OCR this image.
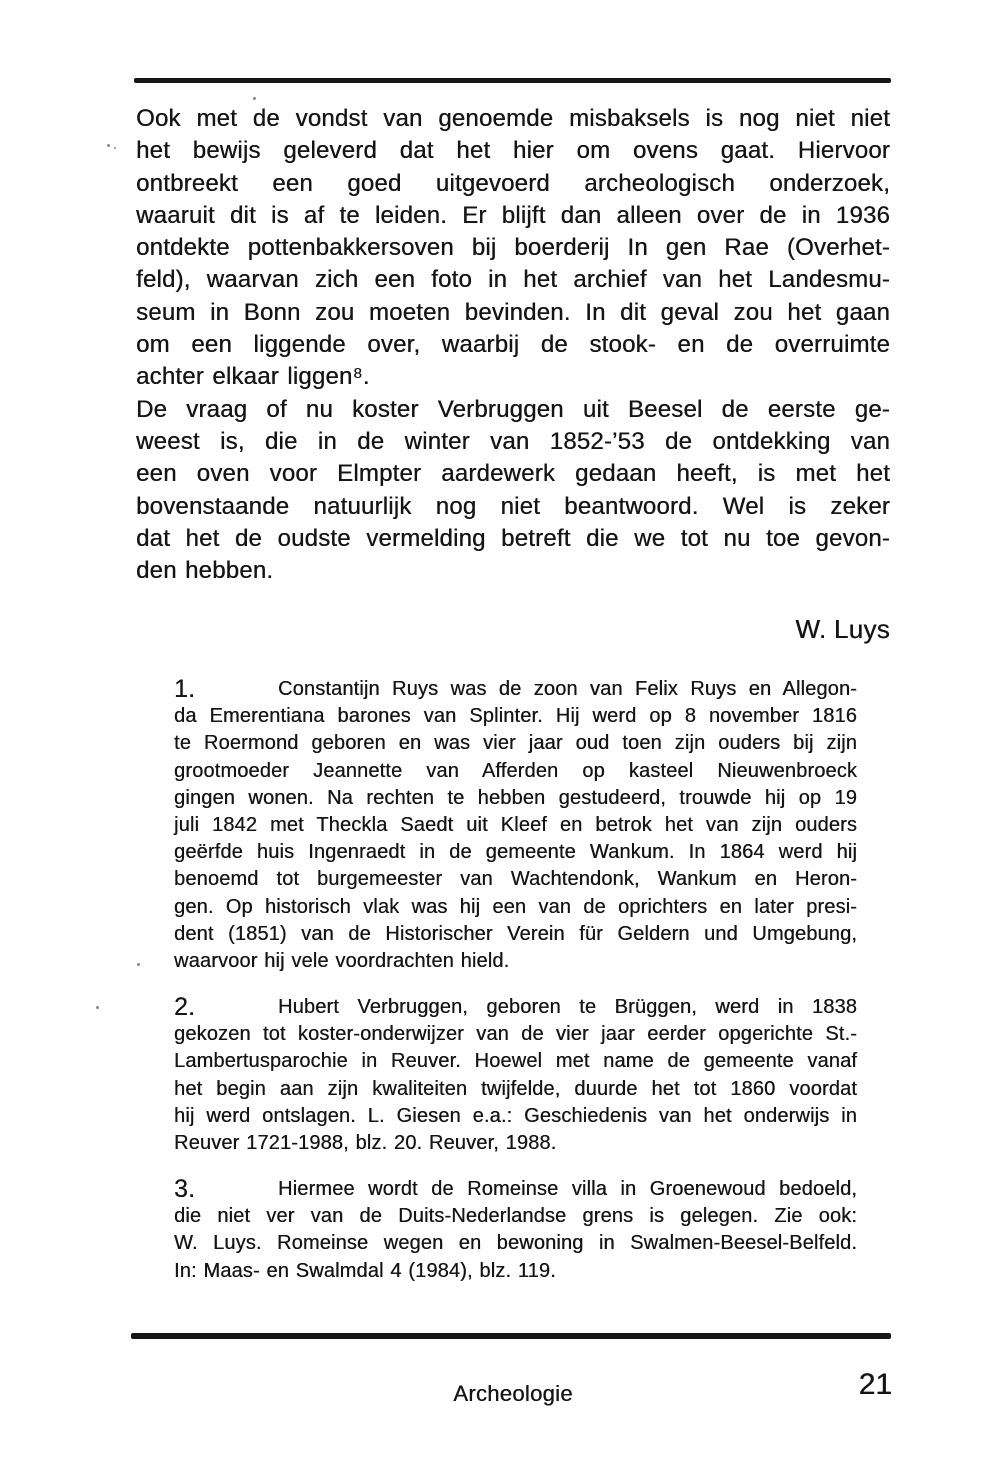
Ook met de vondst van genoemde misbaksels is nog niet niet
het bewijs geleverd dat het hier om ovens gaat. Hiervoor
ontbreekt een goed uitgevoerd archeologisch onderzoek,
waaruit dit is af te leiden. Er blijft dan alleen over de in 1936
ontdekte pottenbakkersoven bij boerderij In gen Rae (Overhet-
feld), waarvan zich een foto in het archief van het Landesmu-
seum in Bonn zou moeten bevinden. In dit geval zou het gaan
om een liggende over, waarbij de stook- en de overruimte
achter elkaar liggen⁸.
De vraag of nu koster Verbruggen uit Beesel de eerste ge-
weest is, die in de winter van 1852-’53 de ontdekking van
een oven voor Elmpter aardewerk gedaan heeft, is met het
bovenstaande natuurlijk nog niet beantwoord. Wel is zeker
dat het de oudste vermelding betreft die we tot nu toe gevon-
den hebben.
W. Luys
1.	Constantijn Ruys was de zoon van Felix Ruys en Allegon-
da Emerentiana barones van Splinter. Hij werd op 8 november 1816
te Roermond geboren en was vier jaar oud toen zijn ouders bij zijn
grootmoeder Jeannette van Afferden op kasteel Nieuwenbroeck
gingen wonen. Na rechten te hebben gestudeerd, trouwde hij op 19
juli 1842 met Theckla Saedt uit Kleef en betrok het van zijn ouders
geërfde huis Ingenraedt in de gemeente Wankum. In 1864 werd hij
benoemd tot burgemeester van Wachtendonk, Wankum en Heron-
gen. Op historisch vlak was hij een van de oprichters en later presi-
dent (1851) van de Historischer Verein für Geldern und Umgebung,
waarvoor hij vele voordrachten hield.
2.	Hubert Verbruggen, geboren te Brüggen, werd in 1838
gekozen tot koster-onderwijzer van de vier jaar eerder opgerichte St.-
Lambertusparochie in Reuver. Hoewel met name de gemeente vanaf
het begin aan zijn kwaliteiten twijfelde, duurde het tot 1860 voordat
hij werd ontslagen. L. Giesen e.a.: Geschiedenis van het onderwijs in
Reuver 1721-1988, blz. 20. Reuver, 1988.
3.	Hiermee wordt de Romeinse villa in Groenewoud bedoeld,
die niet ver van de Duits-Nederlandse grens is gelegen. Zie ook:
W. Luys. Romeinse wegen en bewoning in Swalmen-Beesel-Belfeld.
In: Maas- en Swalmdal 4 (1984), blz. 119.
Archeologie	21
